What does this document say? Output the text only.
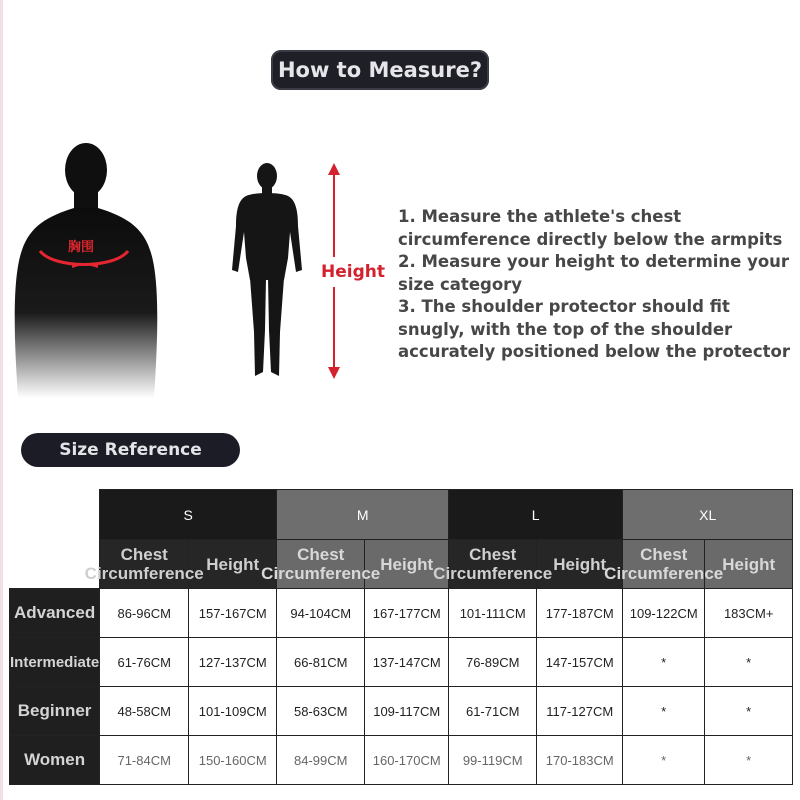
How to Measure?
胸围
Height
1. Measure the athlete's chest circumference directly below the armpits
2. Measure your height to determine your size category
3. The shoulder protector should fit snugly, with the top of the shoulder accurately positioned below the protector
Size Reference
	S		M		L		XL	

	Chest Circumference	Height	Chest Circumference	Height	Chest Circumference	Height	Chest Circumference	Height
Advanced	86-96CM	157-167CM	94-104CM	167-177CM	101-111CM	177-187CM	109-122CM	183CM+
Intermediate	61-76CM	127-137CM	66-81CM	137-147CM	76-89CM	147-157CM	*	*
Beginner	48-58CM	101-109CM	58-63CM	109-117CM	61-71CM	117-127CM	*	*
Women	71-84CM	150-160CM	84-99CM	160-170CM	99-119CM	170-183CM	*	*
